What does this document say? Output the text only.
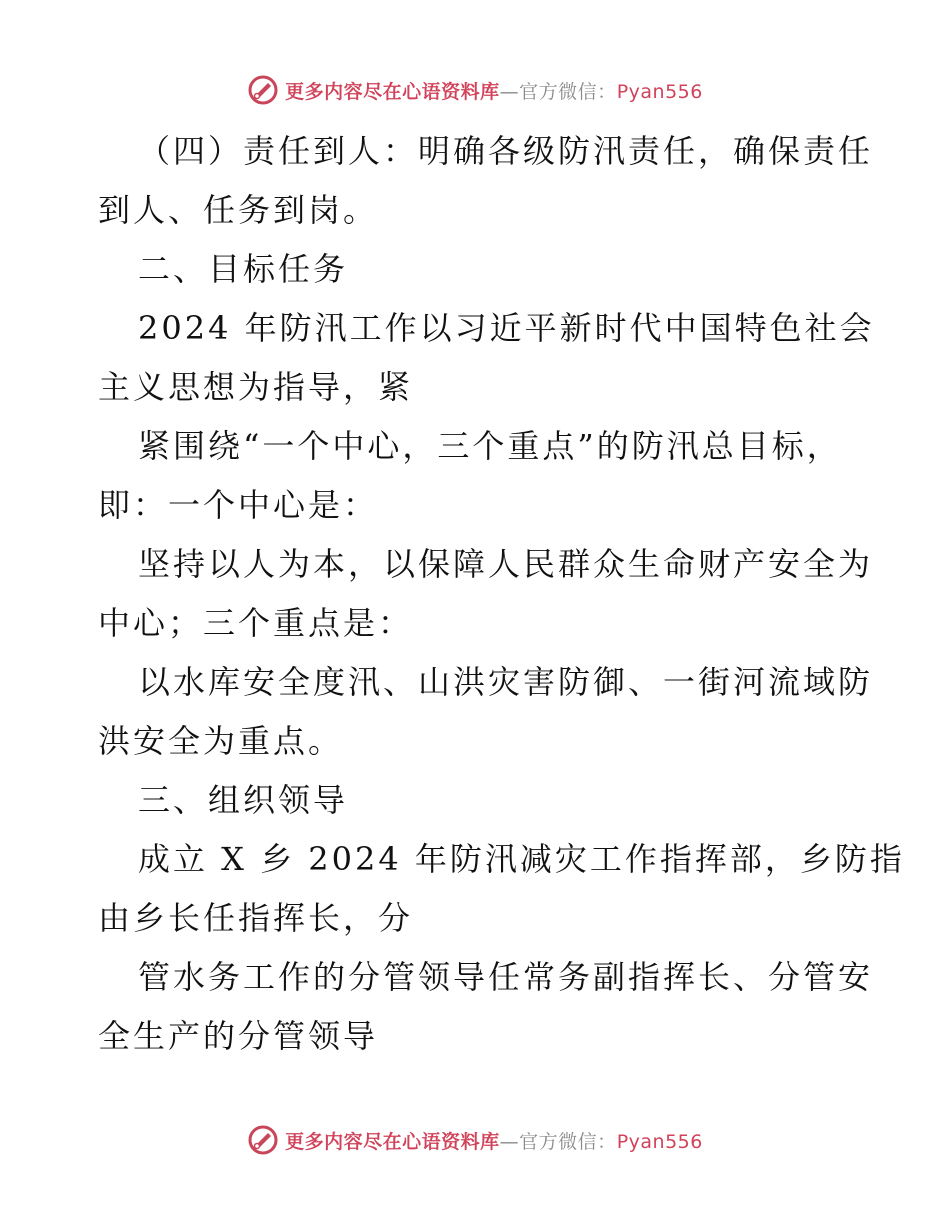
更多内容尽在心语资料库—官方微信：Pyan556
（四）责任到人：明确各级防汛责任，确保责任
到人、任务到岗。
二、目标任务
2024 年防汛工作以习近平新时代中国特色社会
主义思想为指导，紧
紧围绕“一个中心，三个重点”的防汛总目标，
即：一个中心是：
坚持以人为本，以保障人民群众生命财产安全为
中心；三个重点是：
以水库安全度汛、山洪灾害防御、一街河流域防
洪安全为重点。
三、组织领导
成立 X 乡 2024 年防汛减灾工作指挥部，乡防指
由乡长任指挥长，分
管水务工作的分管领导任常务副指挥长、分管安
全生产的分管领导
更多内容尽在心语资料库—官方微信：Pyan556
